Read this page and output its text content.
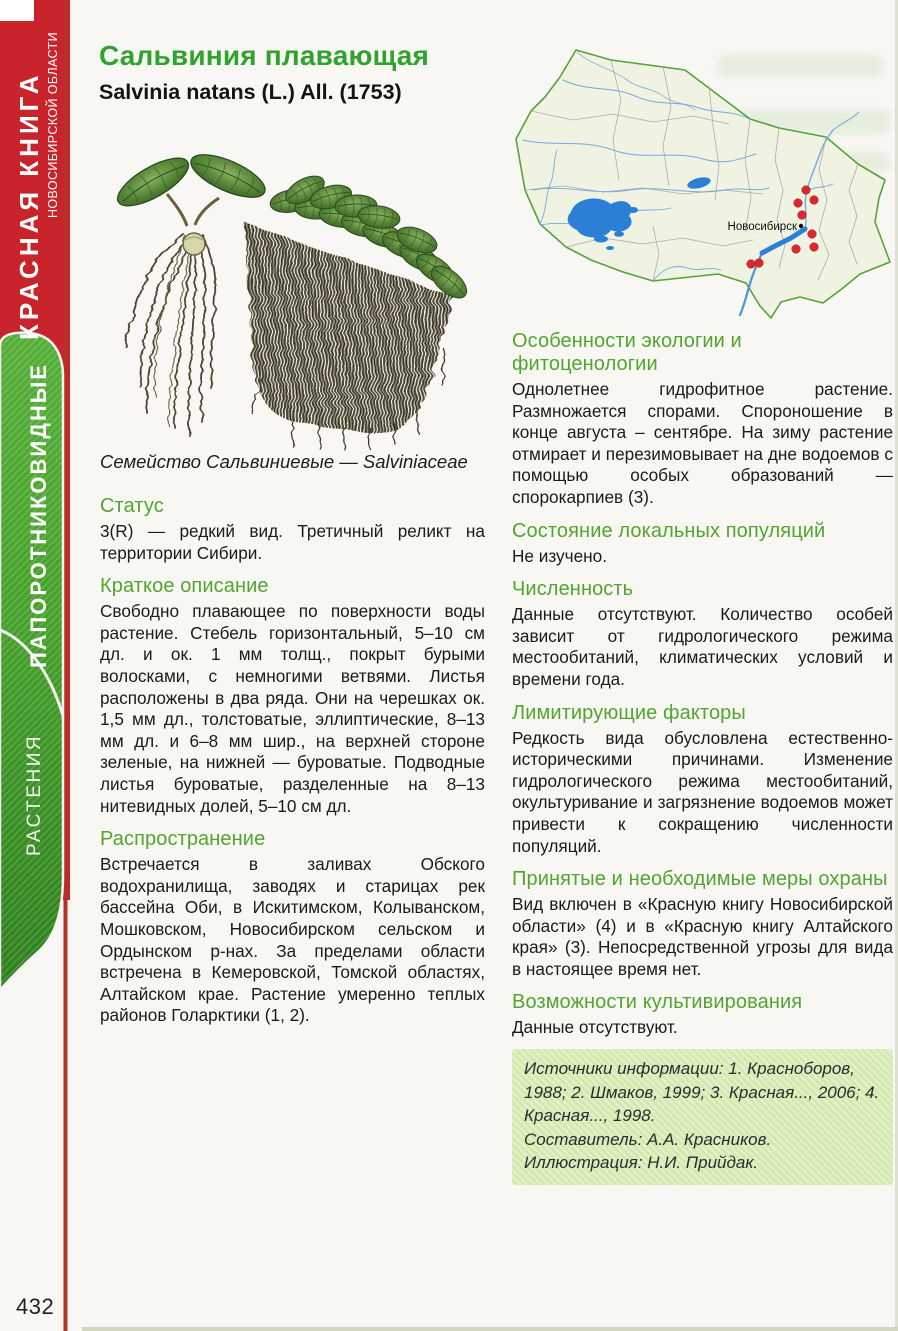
КРАСНАЯ КНИГА НОВОСИБИРСКОЙ ОБЛАСТИ
ПАПОРОТНИКОВИДНЫЕ
РАСТЕНИЯ
Сальвиния плавающая
Salvinia natans (L.) All. (1753)

Семейство Сальвиниевые — Salviniaceae

Новосибирск
Статус

3(R) — редкий вид. Третичный реликт на территории Сибири.

Краткое описание

Свободно плавающее по поверхности воды растение. Стебель горизонтальный, 5–10 см дл. и ок. 1 мм толщ., покрыт бурыми волосками, с немногими ветвями. Листья расположены в два ряда. Они на черешках ок. 1,5 мм дл., толстоватые, эллиптические, 8–13 мм дл. и 6–8 мм шир., на верхней стороне зеленые, на нижней — буроватые. Подводные листья буроватые, разделенные на 8–13 нитевидных долей, 5–10 см дл.

Распространение

Встречается в заливах Обского водохранилища, заводях и старицах рек бассейна Оби, в Искитимском, Колыванском, Мошковском, Новосибирском сельском и Ордынском р-нах. За пределами области встречена в Кемеровской, Томской областях, Алтайском крае. Растение умеренно теплых районов Голарктики (1, 2).

Особенности экологии и фитоценологии

Однолетнее гидрофитное растение. Размножается спорами. Спороношение в конце августа – сентябре. На зиму растение отмирает и перезимовывает на дне водоемов с помощью особых образований — спорокарпиев (3).

Состояние локальных популяций

Не изучено.

Численность

Данные отсутствуют. Количество особей зависит от гидрологического режима местообитаний, климатических условий и времени года.

Лимитирующие факторы

Редкость вида обусловлена естественно-историческими причинами. Изменение гидрологического режима местообитаний, окультуривание и загрязнение водоемов может привести к сокращению численности популяций.

Принятые и необходимые меры охраны

Вид включен в «Красную книгу Новосибирской области» (4) и в «Красную книгу Алтайского края» (3). Непосредственной угрозы для вида в настоящее время нет.

Возможности культивирования

Данные отсутствуют.

Источники информации: 1. Красноборов, 1988; 2. Шмаков, 1999; 3. Красная..., 2006; 4. Красная..., 1998.

Составитель: А.А. Красников.

Иллюстрация: Н.И. Прийдак.

432
